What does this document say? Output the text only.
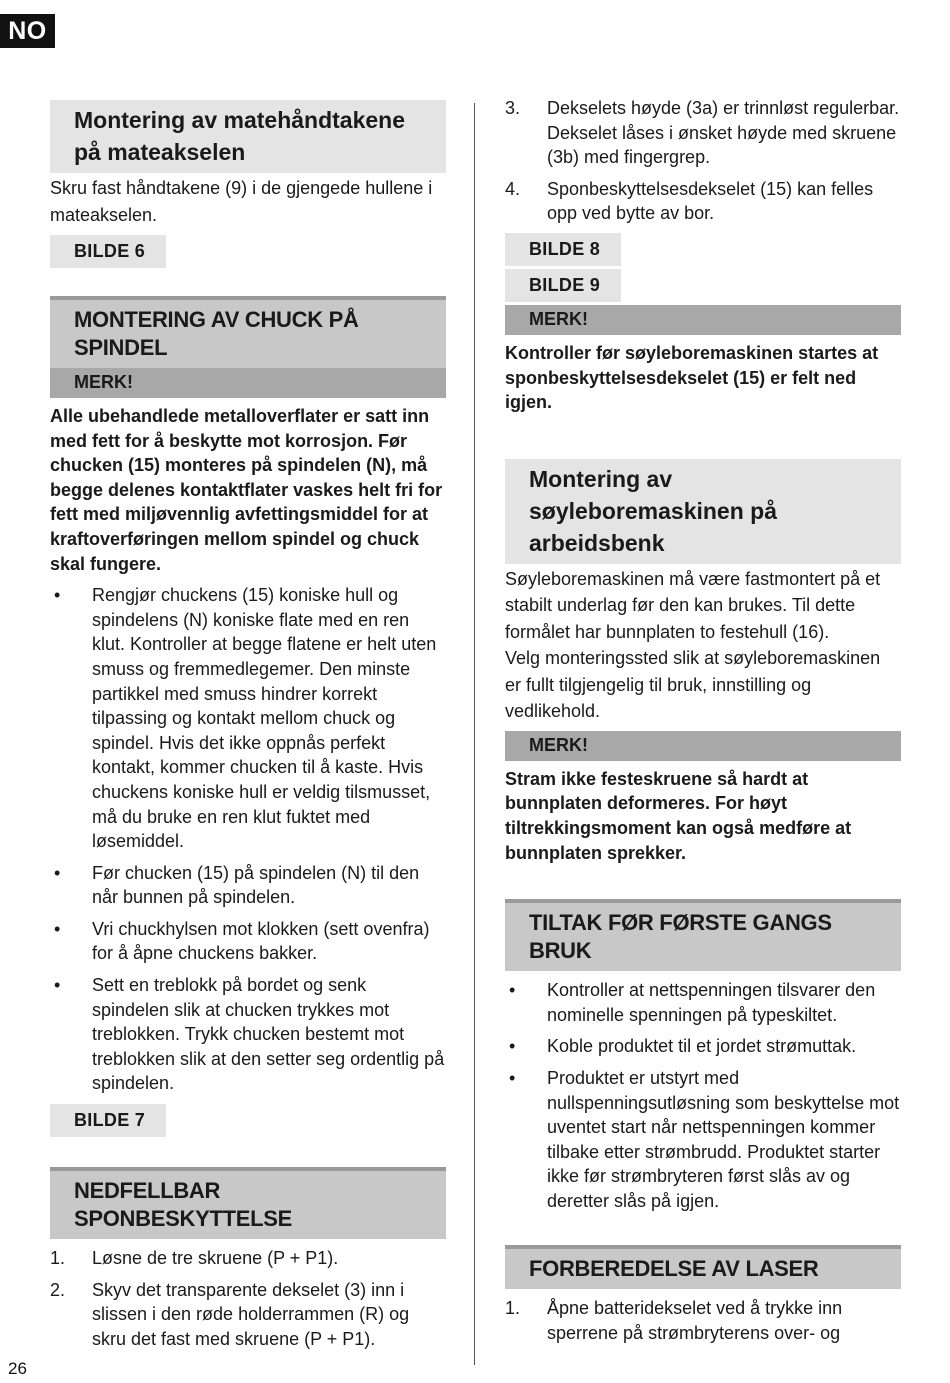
NO
Montering av matehåndtakene på mateakselen

Skru fast håndtakene (9) i de gjengede hullene i mateakselen.

BILDE 6
MONTERING AV CHUCK PÅ SPINDEL
MERK!

Alle ubehandlede metalloverflater er satt inn med fett for å beskytte mot korrosjon. Før chucken (15) monteres på spindelen (N), må begge delenes kontaktflater vaskes helt fri for fett med miljøvennlig avfettingsmiddel for at kraftoverføringen mellom spindel og chuck skal fungere.

• Rengjør chuckens (15) koniske hull og spindelens (N) koniske flate med en ren klut. Kontroller at begge flatene er helt uten smuss og fremmedlegemer. Den minste partikkel med smuss hindrer korrekt tilpassing og kontakt mellom chuck og spindel. Hvis det ikke oppnås perfekt kontakt, kommer chucken til å kaste. Hvis chuckens koniske hull er veldig tilsmusset, må du bruke en ren klut fuktet med løsemiddel.
• Før chucken (15) på spindelen (N) til den når bunnen på spindelen.
• Vri chuckhylsen mot klokken (sett ovenfra) for å åpne chuckens bakker.
• Sett en treblokk på bordet og senk spindelen slik at chucken trykkes mot treblokken. Trykk chucken bestemt mot treblokken slik at den setter seg ordentlig på spindelen.
BILDE 7
NEDFELLBAR SPONBESKYTTELSE
1. Løsne de tre skruene (P + P1).
2. Skyv det transparente dekselet (3) inn i slissen i den røde holderrammen (R) og skru det fast med skruene (P + P1).
3. Dekselets høyde (3a) er trinnløst regulerbar. Dekselet låses i ønsket høyde med skruene (3b) med fingergrep.
4. Sponbeskyttelsesdekselet (15) kan felles opp ved bytte av bor.
BILDE 8
BILDE 9
MERK!

Kontroller før søyleboremaskinen startes at sponbeskyttelsesdekselet (15) er felt ned igjen.

Montering av søyleboremaskinen på arbeidsbenk

Søyleboremaskinen må være fastmontert på et stabilt underlag før den kan brukes. Til dette formålet har bunnplaten to festehull (16).

Velg monteringssted slik at søyleboremaskinen er fullt tilgjengelig til bruk, innstilling og vedlikehold.

MERK!

Stram ikke festeskruene så hardt at bunnplaten deformeres. For høyt tiltrekkingsmoment kan også medføre at bunnplaten sprekker.

TILTAK FØR FØRSTE GANGS BRUK
• Kontroller at nettspenningen tilsvarer den nominelle spenningen på typeskiltet.
• Koble produktet til et jordet strømuttak.
• Produktet er utstyrt med nullspenningsutløsning som beskyttelse mot uventet start når nettspenningen kommer tilbake etter strømbrudd. Produktet starter ikke før strømbryteren først slås av og deretter slås på igjen.
FORBEREDELSE AV LASER
1. Åpne batteridekselet ved å trykke inn sperrene på strømbryterens over- og
26
